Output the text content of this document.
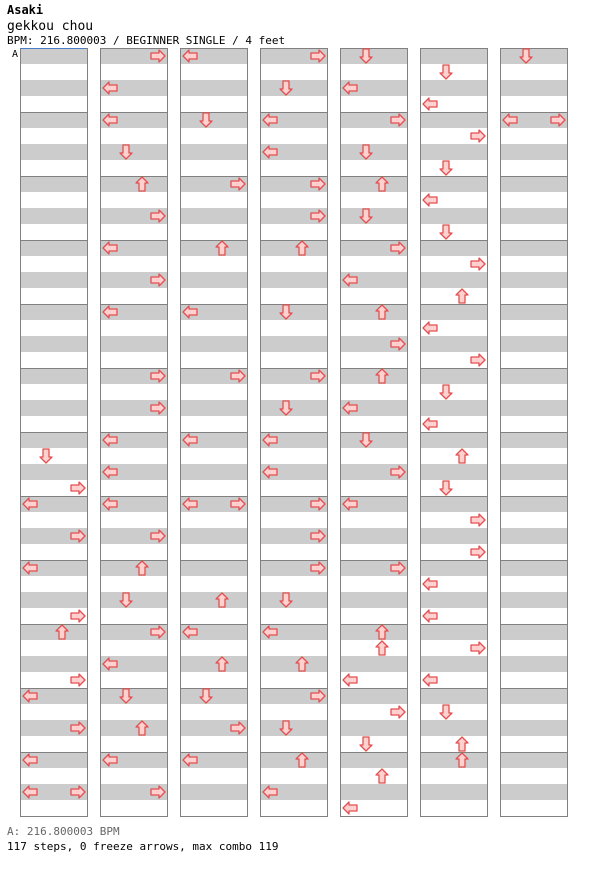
Asaki
gekkou chou
BPM: 216.800003 / BEGINNER SINGLE / 4 feet
A
A: 216.800003 BPM
117 steps, 0 freeze arrows, max combo 119
